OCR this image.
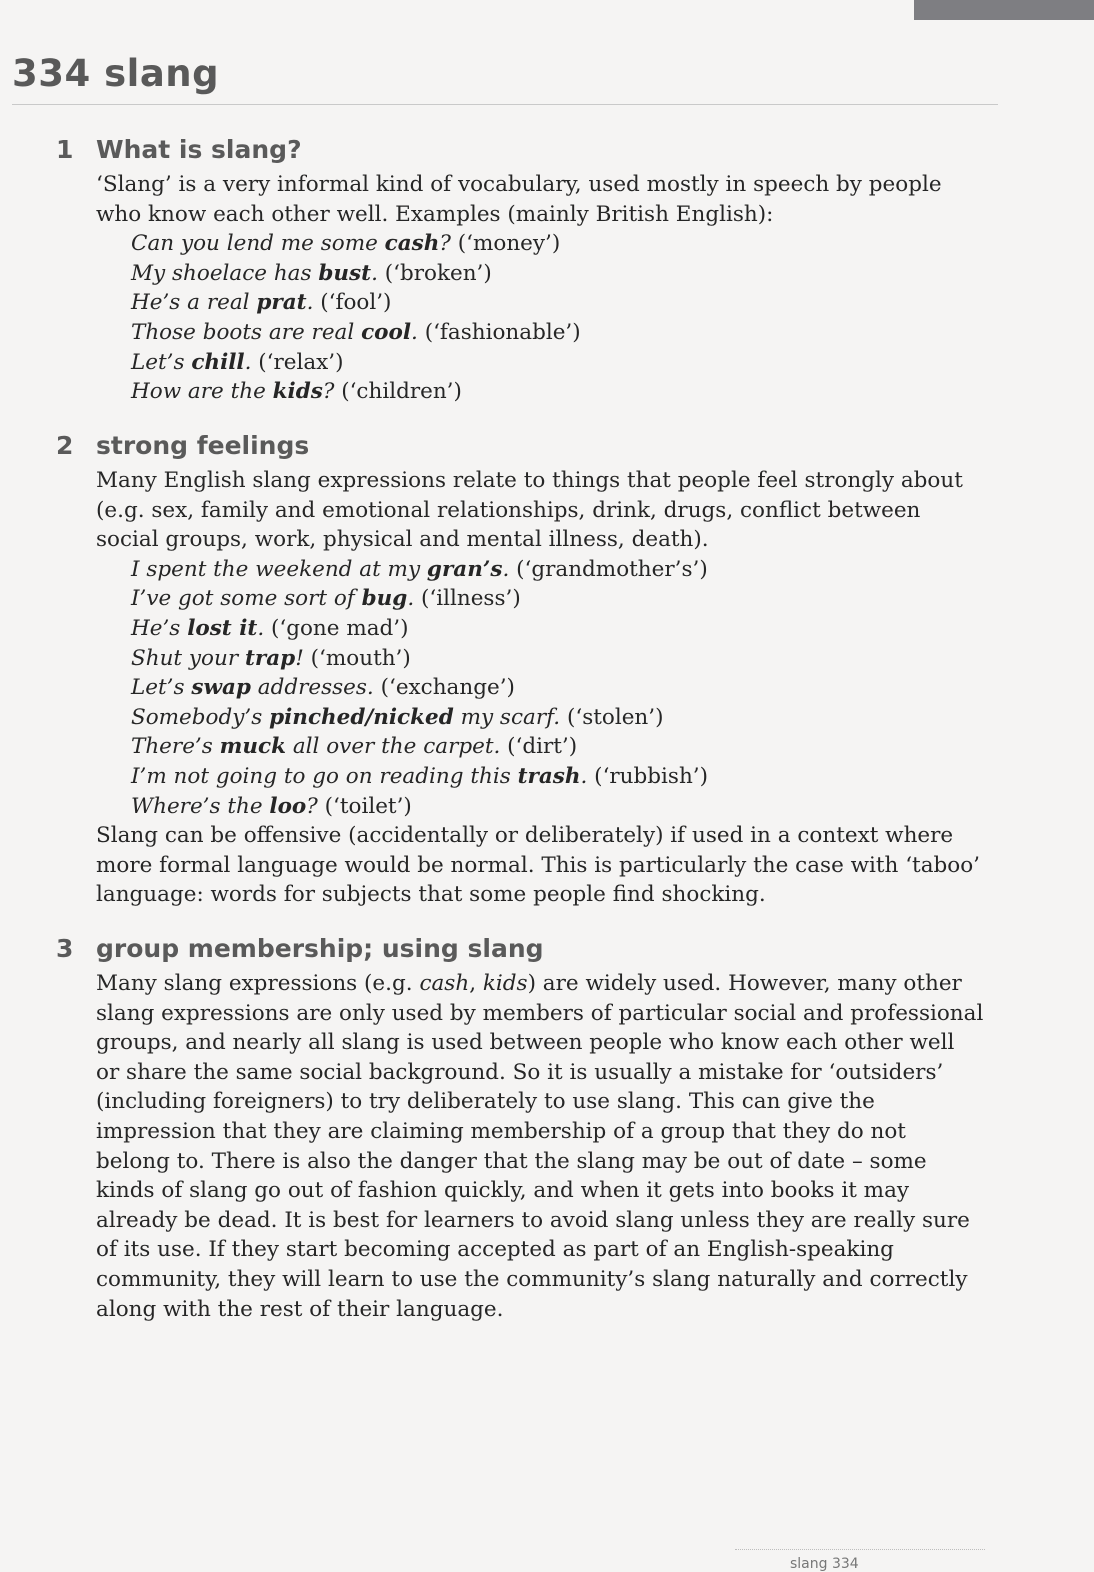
334 slang
1 What is slang?
‘Slang’ is a very informal kind of vocabulary, used mostly in speech by people
who know each other well. Examples (mainly British English):
Can you lend me some cash? (‘money’)
My shoelace has bust. (‘broken’)
He’s a real prat. (‘fool’)
Those boots are real cool. (‘fashionable’)
Let’s chill. (‘relax’)
How are the kids? (‘children’)
2 strong feelings
Many English slang expressions relate to things that people feel strongly about
(e.g. sex, family and emotional relationships, drink, drugs, conflict between
social groups, work, physical and mental illness, death).
I spent the weekend at my gran’s. (‘grandmother’s’)
I’ve got some sort of bug. (‘illness’)
He’s lost it. (‘gone mad’)
Shut your trap! (‘mouth’)
Let’s swap addresses. (‘exchange’)
Somebody’s pinched/nicked my scarf. (‘stolen’)
There’s muck all over the carpet. (‘dirt’)
I’m not going to go on reading this trash. (‘rubbish’)
Where’s the loo? (‘toilet’)
Slang can be offensive (accidentally or deliberately) if used in a context where
more formal language would be normal. This is particularly the case with ‘taboo’
language: words for subjects that some people find shocking.
3 group membership; using slang
Many slang expressions (e.g. cash, kids) are widely used. However, many other
slang expressions are only used by members of particular social and professional
groups, and nearly all slang is used between people who know each other well
or share the same social background. So it is usually a mistake for ‘outsiders’
(including foreigners) to try deliberately to use slang. This can give the
impression that they are claiming membership of a group that they do not
belong to. There is also the danger that the slang may be out of date – some
kinds of slang go out of fashion quickly, and when it gets into books it may
already be dead. It is best for learners to avoid slang unless they are really sure
of its use. If they start becoming accepted as part of an English-speaking
community, they will learn to use the community’s slang naturally and correctly
along with the rest of their language.
slang 334
